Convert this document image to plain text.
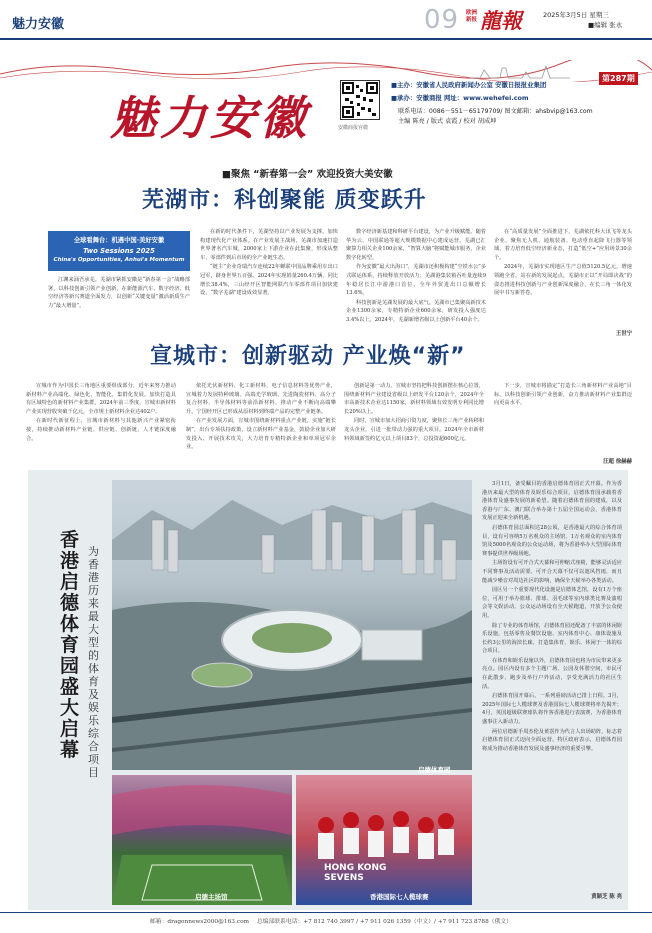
魅力安徽	09 欧洲新报 龍報	2025年3月5日 星期三
■编辑 张永
魅力安徽	安徽商报官微
■主办：安徽省人民政府新闻办公室 安徽日报报业集团
■承办：安徽商报 网址：www.wehefei.com
联系电话：0086－551－65179709/ 图文邮箱：ahsbvip@163.com
主编 陈亮 / 版式 袁霞 / 校对 胡成坤
第287期
■聚焦 “新春第一会” 欢迎投资大美安徽
芜湖市：科创聚能 质变跃升
全球看舞台：机遇中国·美好安徽
Two Sessions 2025
China's Opportunities, Anhui's Momentum

江渊来涌吾承芜。芜湖市紧抓安徽是“新春第一会”战略部署，以科技创新引领产业创新，在新能源汽车、数字经济、低空经济等新兴赛道全面发力，以创新“关键变量”激活新质生产力“最大增量”。

在新的时代条件下，芜湖坚持以产业发展为支撑，加快构建现代化产业体系。在产业发展主战场，芜湖市加速打造世界著名汽车城，2000家上下游企业在此集聚，形成从整车、零部件到后市场的全产业链生态。

“链主”企业奇瑞汽车连续22年蝉联中国品牌乘用车出口冠军，跻身世界五百强。2024年实现销量260.4万辆，同比增长38.4%，三山经开区智能网联汽车零部件项目加快建设，“数字芜湖”建设成效显著。

数字经济新基建和科研平台建设，为产业升级赋能。随着华为云、中国联通等超大规模数据中心建成运营，芜湖已汇聚算力相关企业100余家，“智算大脑”将赋能城市服务、企业数字化转型。

作为安徽“最大出海口”，芜湖市还积极构建“空铁水公”多式联运体系，持续释放开放活力；芜湖港集装箱吞吐量连续9年稳居长江中游港口首位，全年外贸进出口总额增长13.6%。

科技创新是芜湖发展的最大底气。芜湖市已集聚高新技术企业1300余家，专精特新企业600余家，研发投入强度达3.4%以上。2024年，芜湖新增省级以上创新平台40余个。

在“高质量发展”全面推进下，芜湖依托科大讯飞等龙头企业，聚焦无人机、通航装备、电动垂直起降飞行器等领域，着力培育低空经济新业态，打造“低空+”应用场景30余个。

2024年，芜湖市实现地区生产总值5120.5亿元，增速领跑全省。站在新的发展起点，芜湖市正以“开局即决战”的姿态推进科技创新与产业创新深度融合，在长三角一体化发展中书写新答卷。

王世宁
宣城市：创新驱动 产业焕“新”

宣城市作为中国长三角地区重要组成部分，近年来努力推动新材料产业高端化、绿色化、智能化，集群化发展。加快打造具有区域特色的新材料产业集群。2024年前三季度，宣城市新材料产业实现营收突破千亿元，全市规上新材料企业达402户。

在新时代新征程上，宣城市新材料与其他新兴产业紧密衔接，持续推动新材料产业链、供应链、创新链、人才链深度融合。

依托光伏新材料、化工新材料、电子信息材料等优势产业，宣城着力发展特种玻璃、高端光学玻璃、先进陶瓷材料、高分子复合材料、半导体材料等前沿新材料，推动产业不断向高端攀升。宁国经开区已形成从原材料到终端产品的完整产业链条。

在产业发展方面，宣城市围绕新材料重点产业链，实施“链长制”，出台专项扶持政策，设立新材料产业基金，鼓励企业加大研发投入、开展技术攻关，大力培育专精特新企业和单项冠军企业。

创新是第一动力。宣城市坚持把科技创新摆在核心位置，围绕新材料产业建设省级以上研发平台120余个，2024年全市高新技术企业达1150家，新材料领域有效发明专利同比增长20%以上。

同时，宣城市加大招商引资力度，聚焦长三角产业转移和龙头企业，引进一批带动力强的重大项目。2024年全市新材料领域新签约亿元以上项目83个，总投资超600亿元。

下一步，宣城市将锚定“打造长三角新材料产业高地”目标，以科技创新引领产业创新，奋力推动新材料产业集群迈向更高水平。

汪超 徐赫赫
启德体育园
香港启德体育园盛大启幕
为香港历来最大型的体育及娱乐综合项目
启德主场馆
HONG KONG SEVENS
香港国际七人榄球赛

3月1日，备受瞩目的香港启德体育园正式开幕。作为香港历来最大型的体育及娱乐综合项目，启德体育园承载着香港体育及盛事发展的新希望。随着启德体育园的建成，以及香港与广东、澳门联合举办第十五届全国运动会，香港体育发展正迎来全新机遇。

启德体育园总面积达28公顷，是香港最大的综合体育项目，设有可容纳5万名观众的主场馆、1万名观众的室内体育馆及5000名观众的公众运动场，将为香港举办大型国际体育赛事提供世界级场地。

主场馆设有可开合式天幕和可伸缩式座椅，能够灵活适应不同赛事及活动需要。可开合天幕不仅可以遮风挡雨，而且能减少噪音对周边社区的影响，确保全天候举办各类活动。

园区另一个重要现代化设施是启德体艺馆，设有1万个座位，可用于举办篮球、排球、羽毛球等室内球类比赛及演唱会等文娱活动。公众运动场设有全天候跑道，开放予公众使用。

除了专业的体育场馆，启德体育园还配备了丰富的休闲娱乐设施，包括零售及餐饮设施、室内体育中心、康体设施及长约3公里的海滨长廊，打造集体育、娱乐、休闲于一体的综合项目。

在体育和娱乐设施以外，启德体育园也将为市民带来更多亮点。园区内设有多个主题广场、公园及休憩空间，市民可在此散步、跑步及举行户外活动，享受充满活力的社区生活。

启德体育园开幕后，一系列重磅活动已排上日程。3月，2025年国际七人榄球赛及香港国际七人榄球赛将率先揭开；4月，英国超级联赛球队将作客香港进行表演赛，为香港体育盛事注入新动力。

两位启德新手周杰伦及黄霑作为代言人出场助阵，标志着启德体育园正式迈向全面运营。特区政府表示，启德体育园将成为推动香港体育发展及盛事经济的重要引擎。

黄颖芝 陈 亮
邮箱：dragonnews2000@163.com 总编部联系电话：+7 812 740 3997 / +7 911 026 1359（中文）/ +7 911 723 8788（俄文）
